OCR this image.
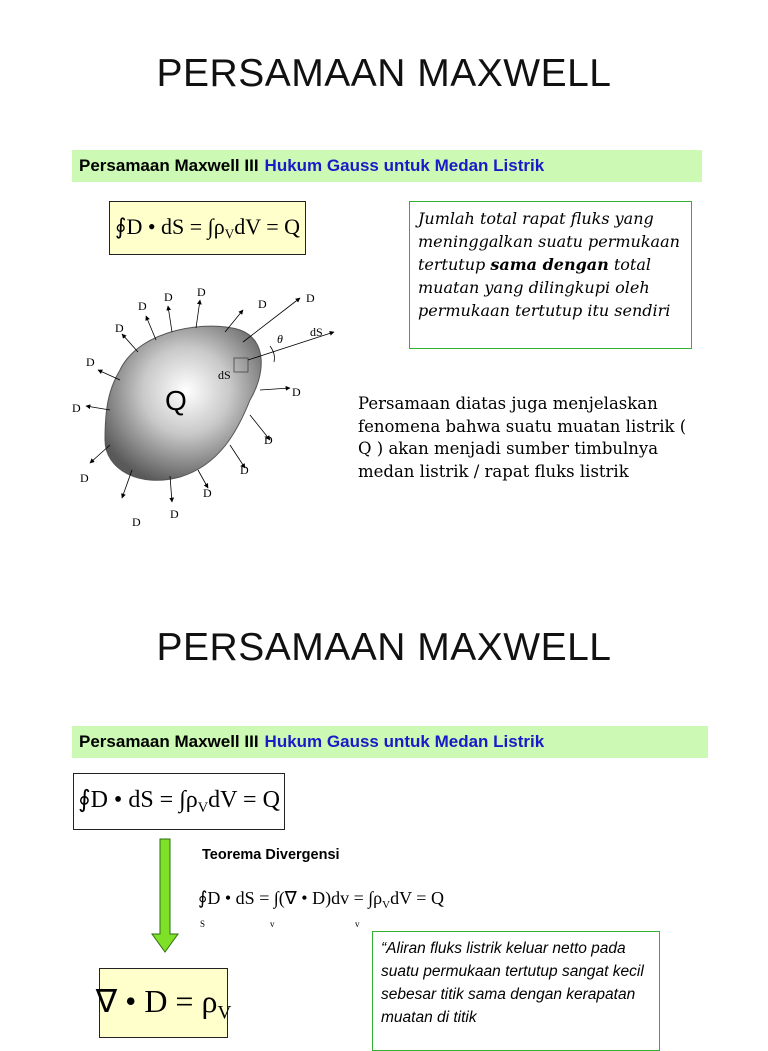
PERSAMAAN MAXWELL
Persamaan Maxwell III Hukum Gauss untuk Medan Listrik
∮D • dS = $\int\rho_VdV = Q$	Jumlah total rapat fluks yang meninggalkan suatu permukaan tertutup sama dengan total muatan yang dilingkupi oleh permukaan tertutup itu sendiri
θ dS
dS
Q
D
D D
D	D
D
D
D
D
D
D
D
D
D
D
Persamaan diatas juga menjelaskan fenomena bahwa suatu muatan listrik ( Q ) akan menjadi sumber timbulnya medan listrik / rapat fluks listrik
PERSAMAAN MAXWELL
Persamaan Maxwell III Hukum Gauss untuk Medan Listrik
∮D • dS = $\int\rho_VdV = Q$
Teorema Divergensi
∮D • dS = ∫(∇ • $D)dv = \int\rho_VdV = Q$
S	v	v
“Aliran fluks listrik keluar netto pada suatu permukaan tertutup sangat kecil sebesar titik sama dengan kerapatan muatan di titik
∇ • $D = \rho_V$
